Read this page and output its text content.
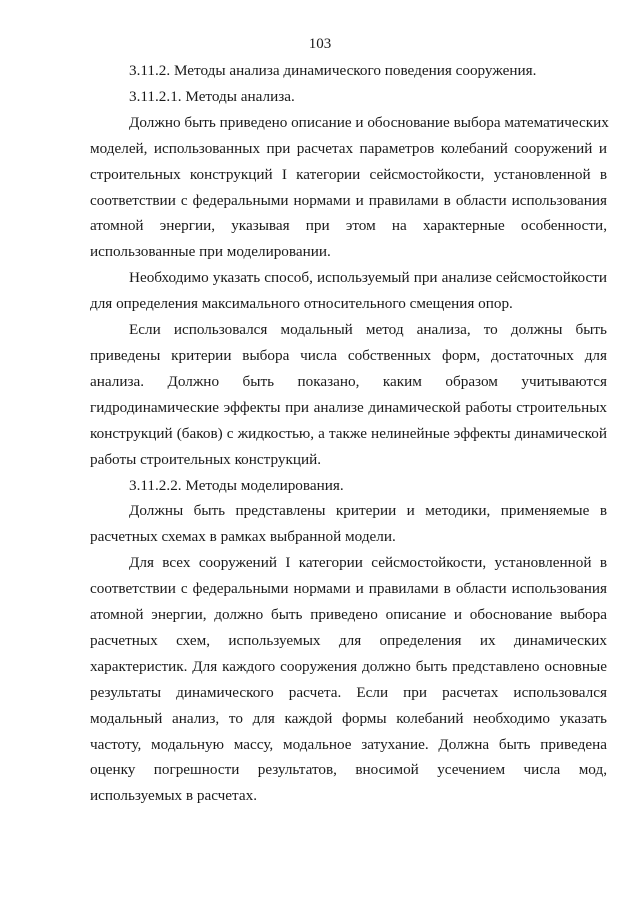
103
3.11.2. Методы анализа динамического поведения сооружения.
3.11.2.1. Методы анализа.
Должно быть приведено описание и обоснование выбора математических
моделей, использованных при расчетах параметров колебаний сооружений и
строительных конструкций I категории сейсмостойкости, установленной в
соответствии с федеральными нормами и правилами в области использования
атомной энергии, указывая при этом на характерные особенности,
использованные при моделировании.
Необходимо указать способ, используемый при анализе сейсмостойкости
для определения максимального относительного смещения опор.
Если использовался модальный метод анализа, то должны быть
приведены критерии выбора числа собственных форм, достаточных для
анализа. Должно быть показано, каким образом учитываются
гидродинамические эффекты при анализе динамической работы строительных
конструкций (баков) с жидкостью, а также нелинейные эффекты динамической
работы строительных конструкций.
3.11.2.2. Методы моделирования.
Должны быть представлены критерии и методики, применяемые в
расчетных схемах в рамках выбранной модели.
Для всех сооружений I категории сейсмостойкости, установленной в
соответствии с федеральными нормами и правилами в области использования
атомной энергии, должно быть приведено описание и обоснование выбора
расчетных схем, используемых для определения их динамических
характеристик. Для каждого сооружения должно быть представлено основные
результаты динамического расчета. Если при расчетах использовался
модальный анализ, то для каждой формы колебаний необходимо указать
частоту, модальную массу, модальное затухание. Должна быть приведена
оценку погрешности результатов, вносимой усечением числа мод,
используемых в расчетах.
